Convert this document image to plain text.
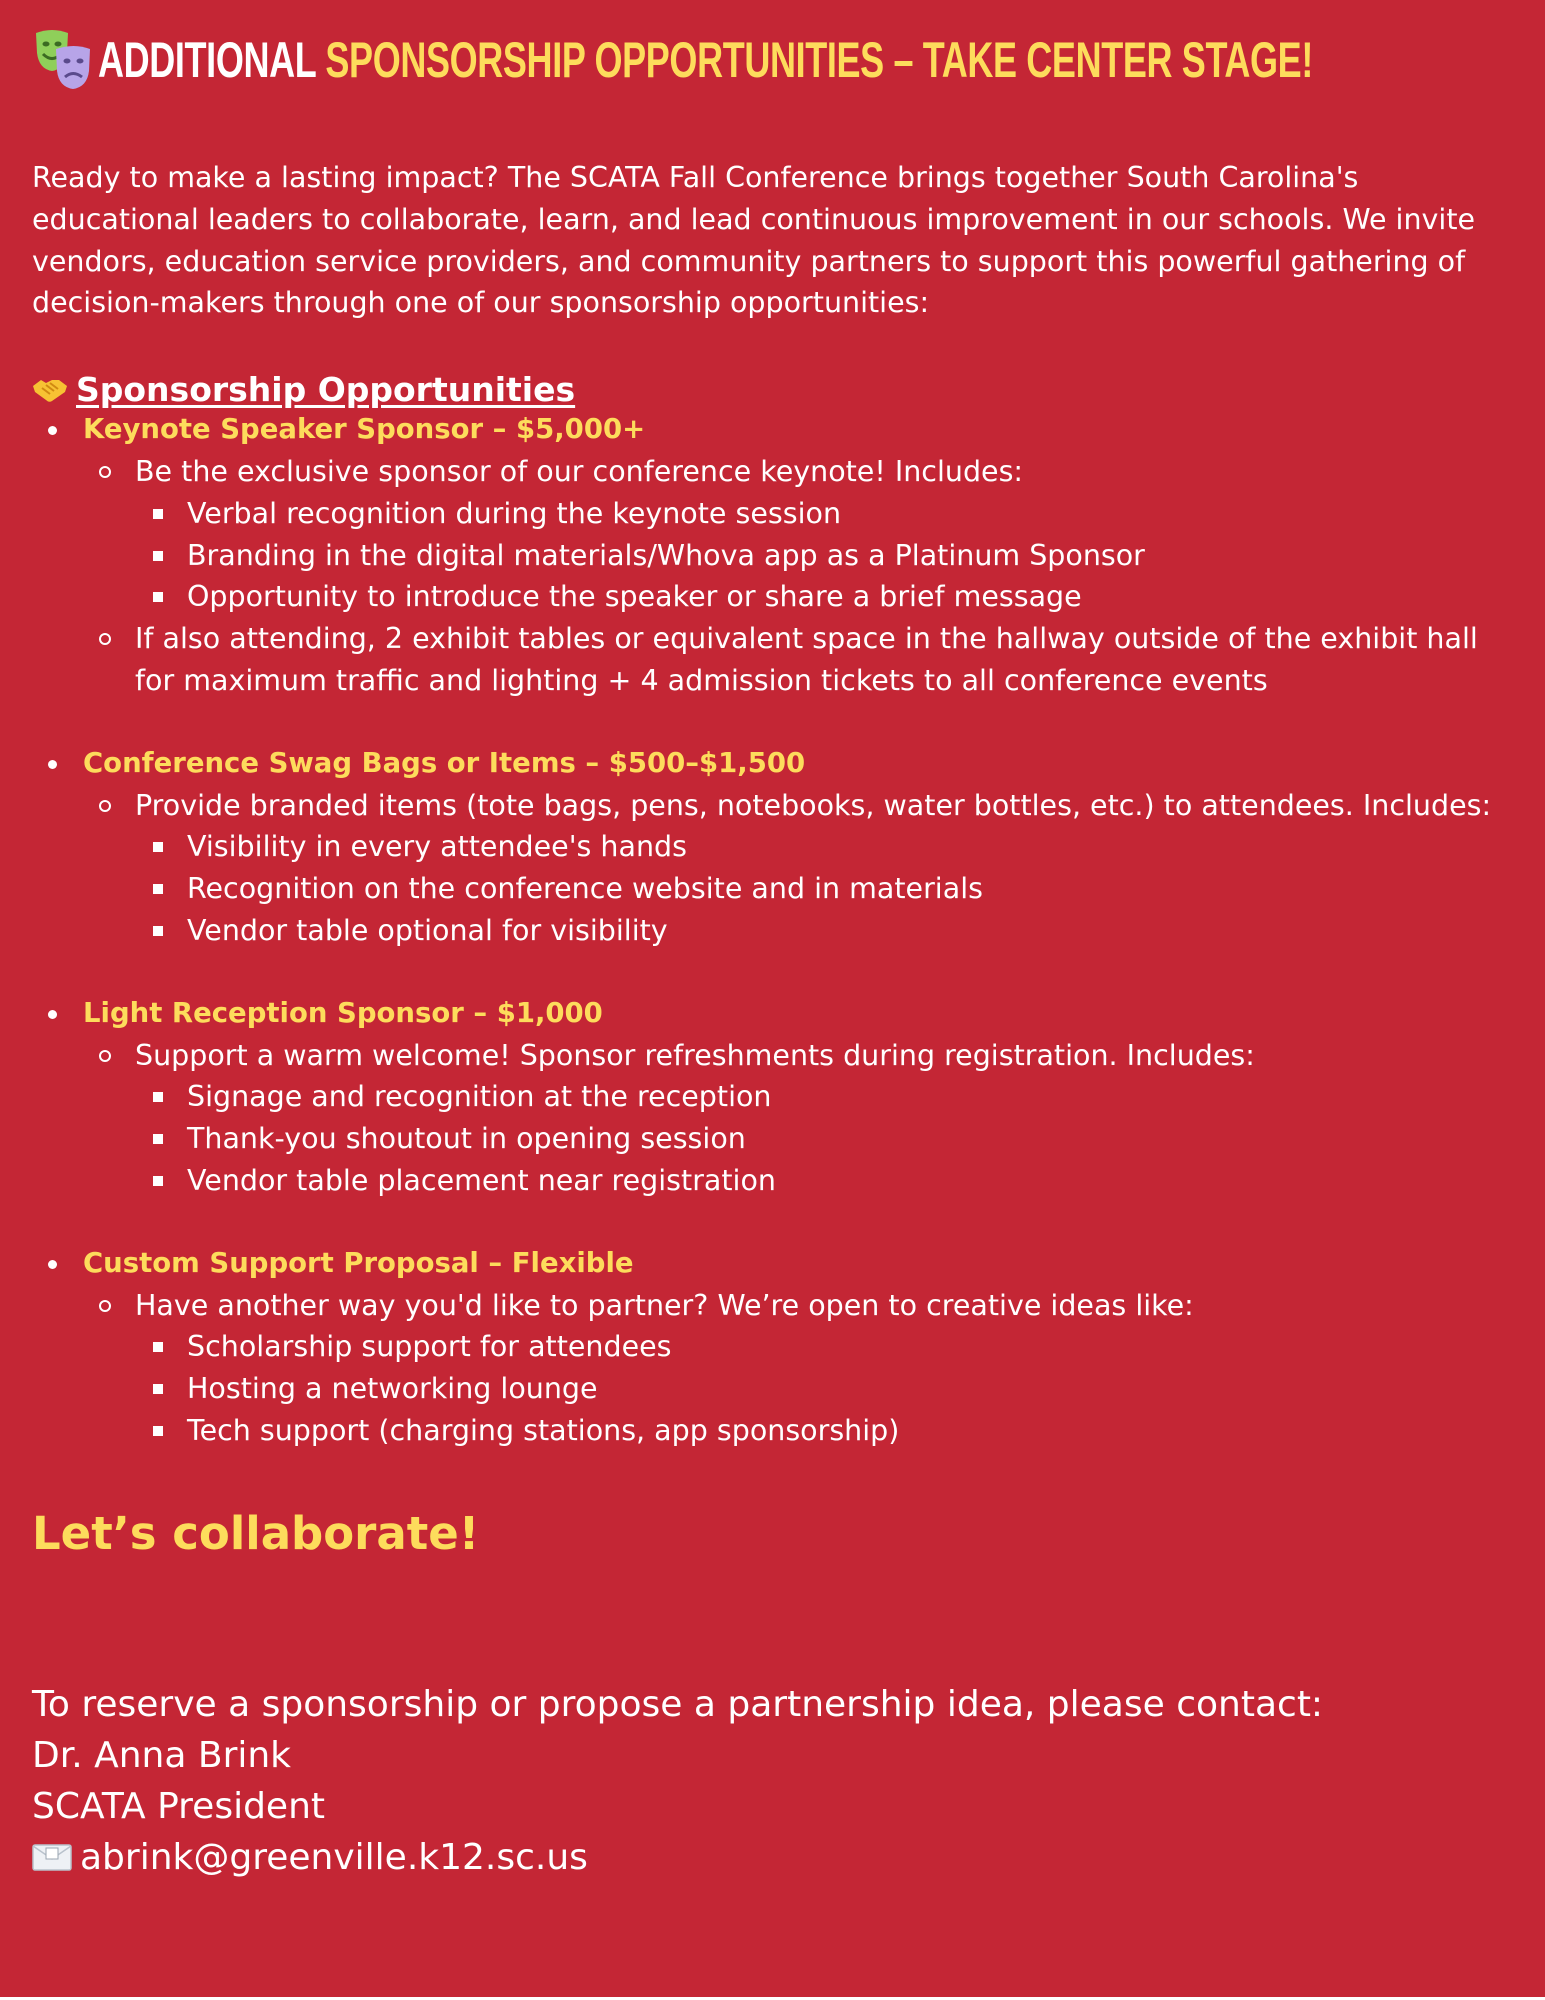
ADDITIONAL SPONSORSHIP OPPORTUNITIES – TAKE CENTER STAGE!

Ready to make a lasting impact? The SCATA Fall Conference brings together South Carolina's educational leaders to collaborate, learn, and lead continuous improvement in our schools. We invite vendors, education service providers, and community partners to support this powerful gathering of decision-makers through one of our sponsorship opportunities:

Sponsorship Opportunities
Keynote Speaker Sponsor – $5,000+
Be the exclusive sponsor of our conference keynote! Includes:
Verbal recognition during the keynote session
Branding in the digital materials/Whova app as a Platinum Sponsor
Opportunity to introduce the speaker or share a brief message
If also attending, 2 exhibit tables or equivalent space in the hallway outside of the exhibit hall for maximum traffic and lighting + 4 admission tickets to all conference events
Conference Swag Bags or Items – $500–$1,500
Provide branded items (tote bags, pens, notebooks, water bottles, etc.) to attendees. Includes:
Visibility in every attendee's hands
Recognition on the conference website and in materials
Vendor table optional for visibility
Light Reception Sponsor – $1,000
Support a warm welcome! Sponsor refreshments during registration. Includes:
Signage and recognition at the reception
Thank-you shoutout in opening session
Vendor table placement near registration
Custom Support Proposal – Flexible
Have another way you'd like to partner? We’re open to creative ideas like:
Scholarship support for attendees
Hosting a networking lounge
Tech support (charging stations, app sponsorship)
Let’s collaborate!
To reserve a sponsorship or propose a partnership idea, please contact:
Dr. Anna Brink
SCATA President
abrink@greenville.k12.sc.us
